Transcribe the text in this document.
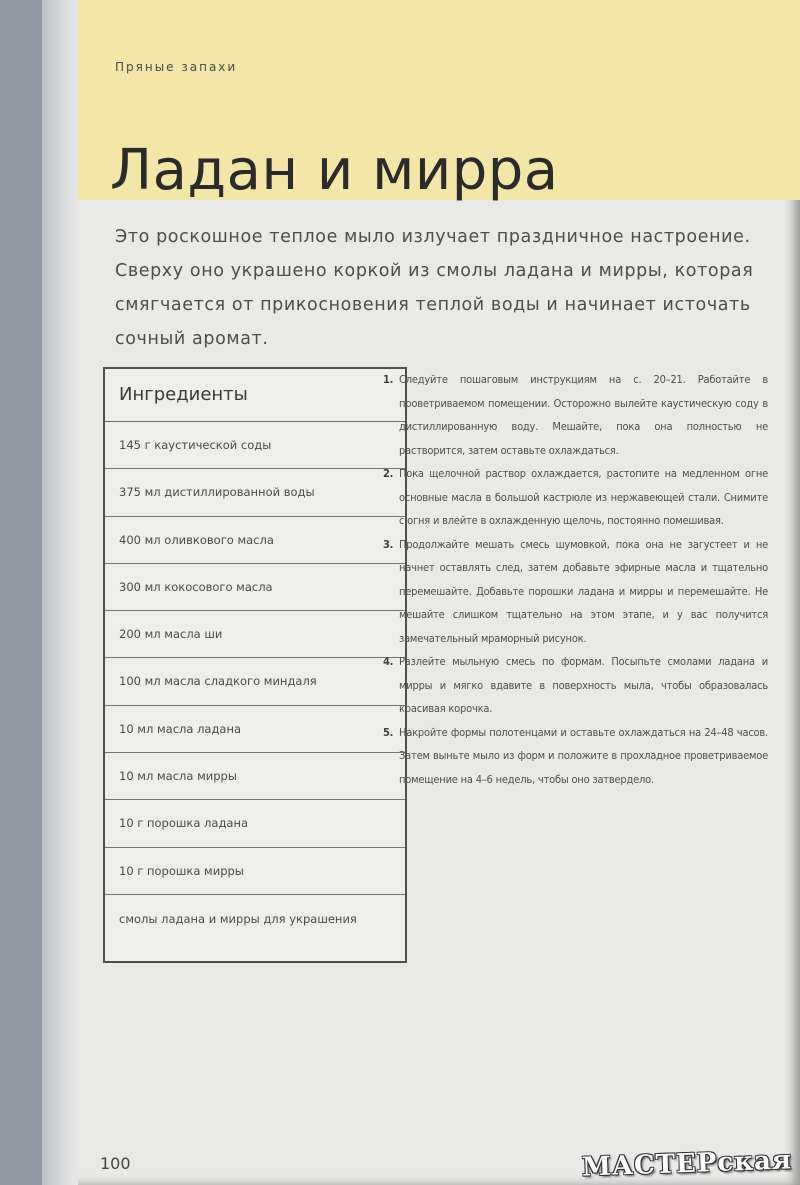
Пряные запахи
Ладан и мирра

Это роскошное теплое мыло излучает праздничное настроение. Сверху оно украшено коркой из смолы ладана и мирры, которая смягчается от прикосновения теплой воды и начинает источать сочный аромат.

Ингредиенты
145 г каустической соды
375 мл дистиллированной воды
400 мл оливкового масла
300 мл кокосового масла
200 мл масла ши
100 мл масла сладкого миндаля
10 мл масла ладана
10 мл масла мирры
10 г порошка ладана
10 г порошка мирры
смолы ладана и мирры для украшения
1. Следуйте пошаговым инструкциям на с. 20–21. Работайте в проветриваемом помещении. Осторожно вылейте каустическую соду в дистиллированную воду. Мешайте, пока она полностью не растворится, затем оставьте охлаждаться.
2. Пока щелочной раствор охлаждается, растопите на медленном огне основные масла в большой кастрюле из нержавеющей стали. Снимите с огня и влейте в охлажденную щелочь, постоянно помешивая.
3. Продолжайте мешать смесь шумовкой, пока она не загустеет и не начнет оставлять след, затем добавьте эфирные масла и тщательно перемешайте. Добавьте порошки ладана и мирры и перемешайте. Не мешайте слишком тщательно на этом этапе, и у вас получится замечательный мраморный рисунок.
4. Разлейте мыльную смесь по формам. Посыпьте смолами ладана и мирры и мягко вдавите в поверхность мыла, чтобы образовалась красивая корочка.
5. Накройте формы полотенцами и оставьте охлаждаться на 24–48 часов. Затем выньте мыло из форм и положите в прохладное проветриваемое помещение на 4–6 недель, чтобы оно затвердело.
100	МАСТЕРская
